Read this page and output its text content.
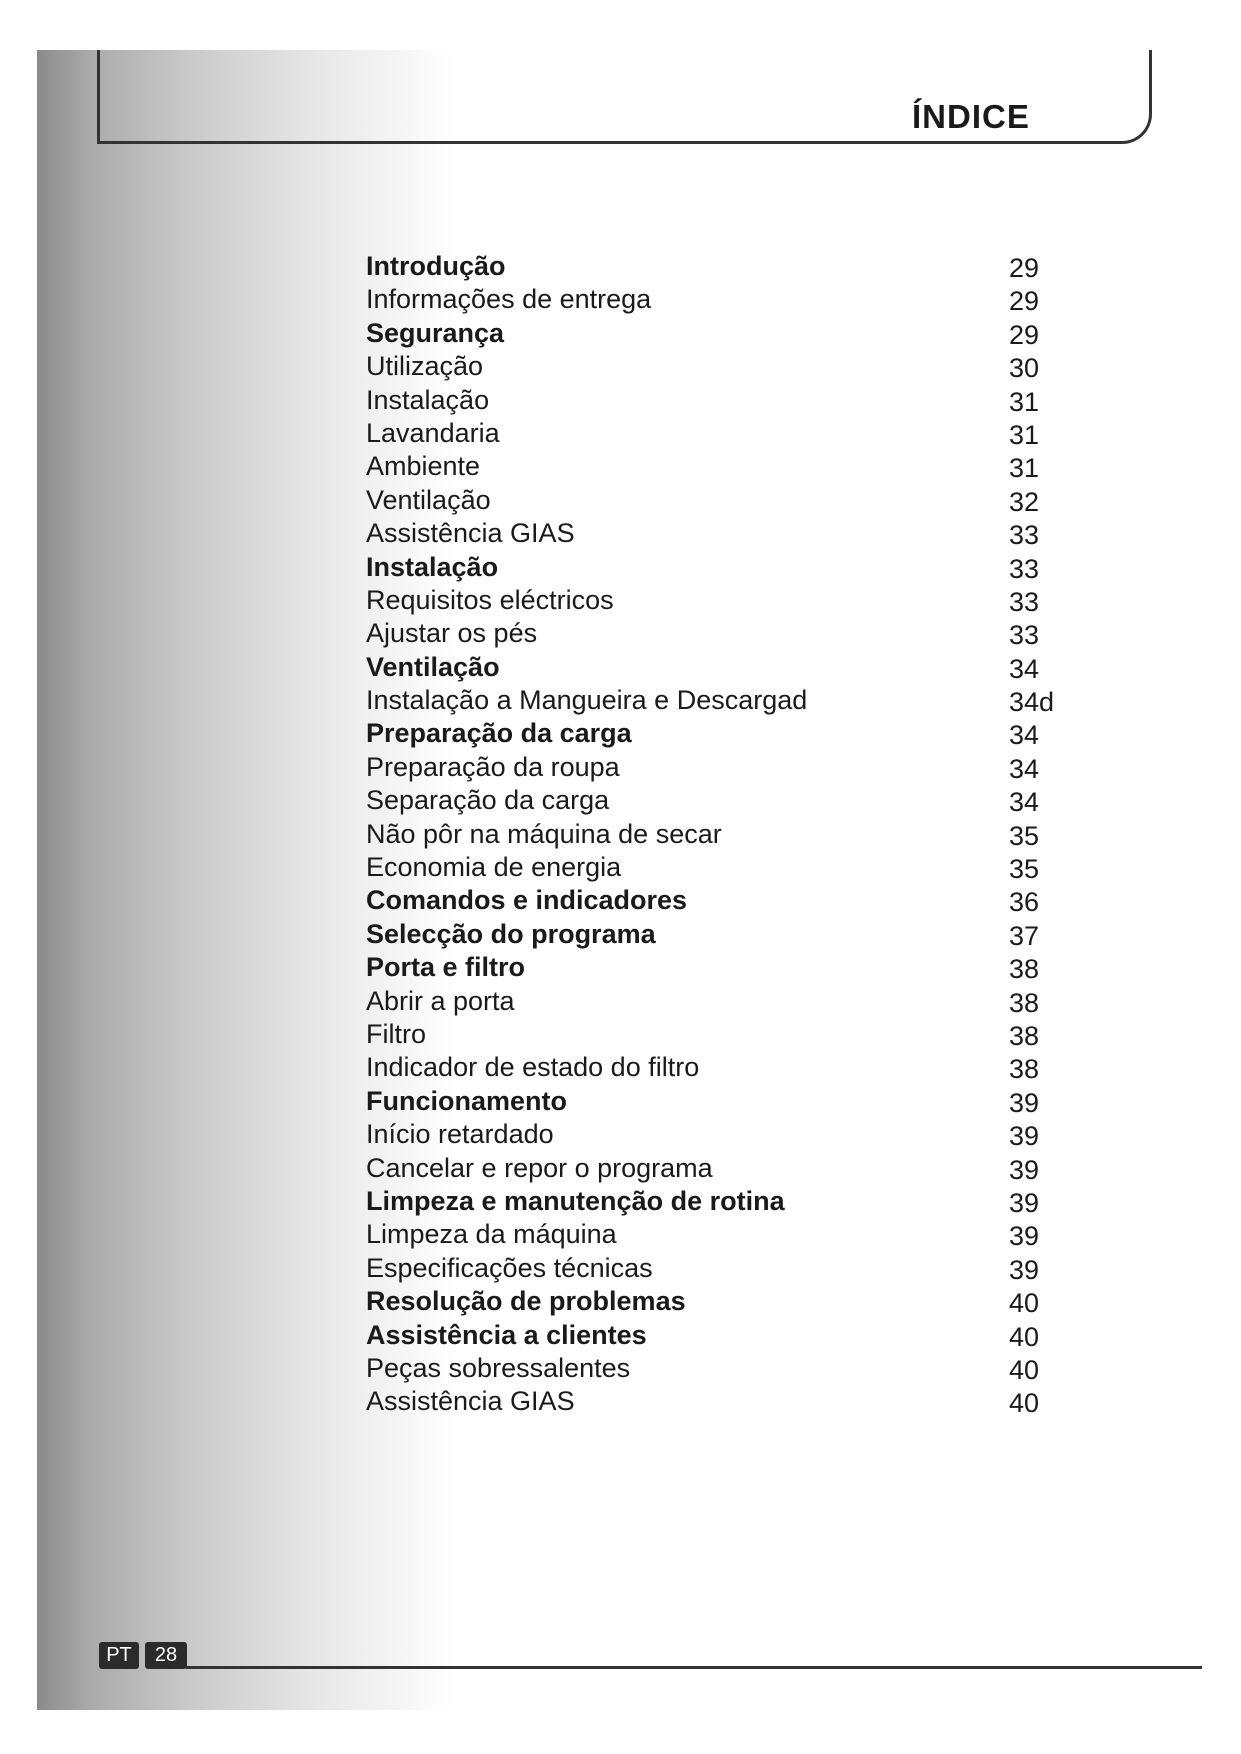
ÍNDICE
Introdução	29
Informações de entrega	29
Segurança	29
Utilização	30
Instalação	31
Lavandaria	31
Ambiente	31
Ventilação	32
Assistência GIAS	33
Instalação	33
Requisitos eléctricos	33
Ajustar os pés	33
Ventilação	34
Instalação a Mangueira e Descargad	34d
Preparação da carga	34
Preparação da roupa	34
Separação da carga	34
Não pôr na máquina de secar	35
Economia de energia	35
Comandos e indicadores	36
Selecção do programa	37
Porta e filtro	38
Abrir a porta	38
Filtro	38
Indicador de estado do filtro	38
Funcionamento	39
Início retardado	39
Cancelar e repor o programa	39
Limpeza e manutenção de rotina	39
Limpeza da máquina	39
Especificações técnicas	39
Resolução de problemas	40
Assistência a clientes	40
Peças sobressalentes	40
Assistência GIAS	40
PT	28
